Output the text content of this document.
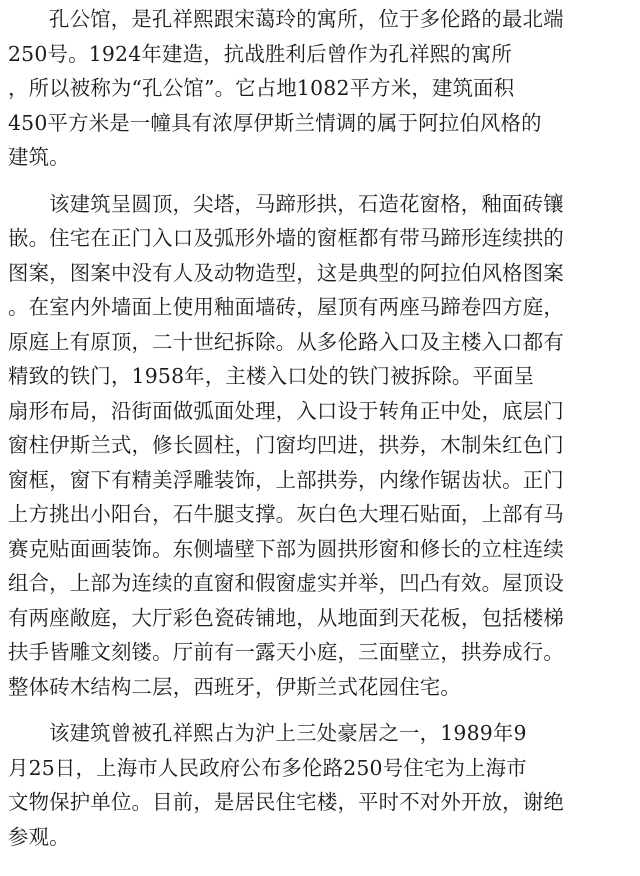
孔公馆，是孔祥熙跟宋蔼玲的寓所，位于多伦路的最北端
250号。1924年建造，抗战胜利后曾作为孔祥熙的寓所
，所以被称为“孔公馆”。它占地1082平方米，建筑面积
450平方米是一幢具有浓厚伊斯兰情调的属于阿拉伯风格的
建筑。
该建筑呈圆顶，尖塔，马蹄形拱，石造花窗格，釉面砖镶
嵌。住宅在正门入口及弧形外墙的窗框都有带马蹄形连续拱的
图案，图案中没有人及动物造型，这是典型的阿拉伯风格图案
。在室内外墙面上使用釉面墙砖，屋顶有两座马蹄卷四方庭，
原庭上有原顶，二十世纪拆除。从多伦路入口及主楼入口都有
精致的铁门，1958年，主楼入口处的铁门被拆除。平面呈
扇形布局，沿街面做弧面处理，入口设于转角正中处，底层门
窗柱伊斯兰式，修长圆柱，门窗均凹进，拱券，木制朱红色门
窗框，窗下有精美浮雕装饰，上部拱券，内缘作锯齿状。正门
上方挑出小阳台，石牛腿支撑。灰白色大理石贴面，上部有马
赛克贴面画装饰。东侧墙壁下部为圆拱形窗和修长的立柱连续
组合，上部为连续的直窗和假窗虚实并举，凹凸有效。屋顶设
有两座敞庭，大厅彩色瓷砖铺地，从地面到天花板，包括楼梯
扶手皆雕文刻镂。厅前有一露天小庭，三面壁立，拱券成行。
整体砖木结构二层，西班牙，伊斯兰式花园住宅。
该建筑曾被孔祥熙占为沪上三处豪居之一，1989年9
月25日，上海市人民政府公布多伦路250号住宅为上海市
文物保护单位。目前，是居民住宅楼，平时不对外开放，谢绝
参观。
